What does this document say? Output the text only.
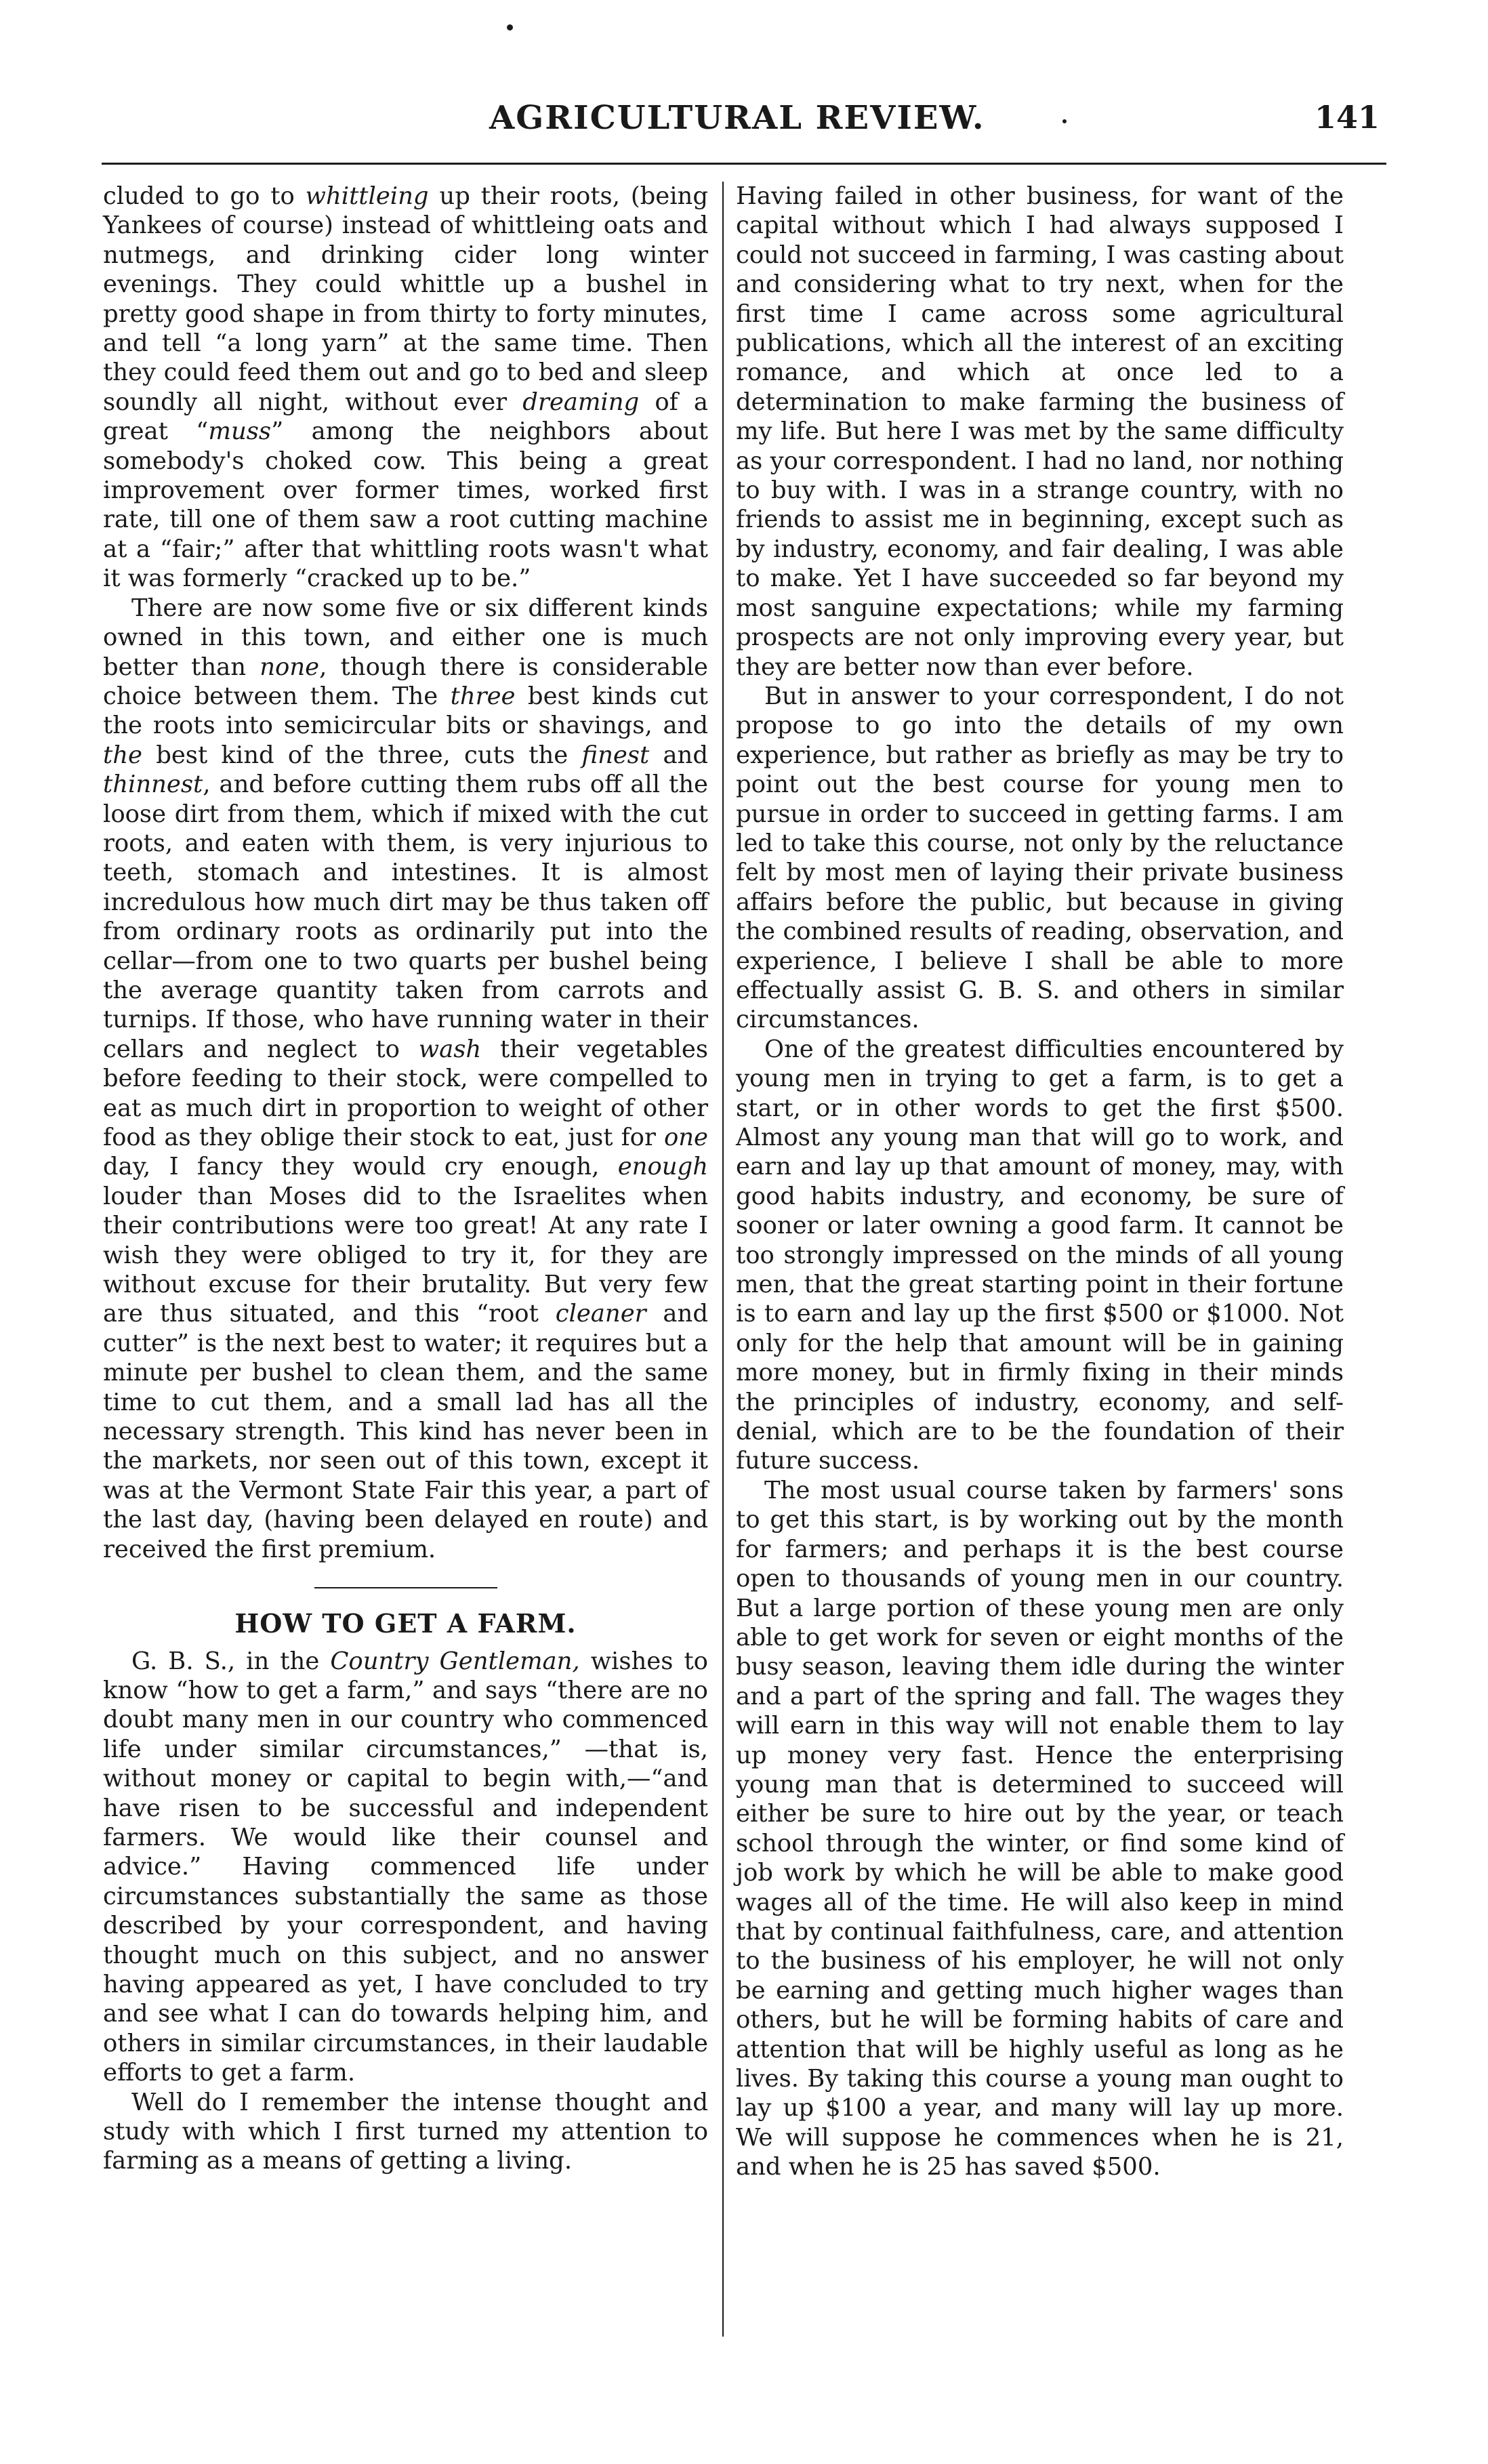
AGRICULTURAL REVIEW.	141

cluded to go to whittleing up their roots, (being Yankees of course) instead of whittleing oats and nutmegs, and drinking cider long winter evenings. They could whittle up a bushel in pretty good shape in from thirty to forty minutes, and tell “a long yarn” at the same time. Then they could feed them out and go to bed and sleep soundly all night, without ever dreaming of a great “muss” among the neighbors about somebody's choked cow. This being a great improvement over former times, worked first rate, till one of them saw a root cutting machine at a “fair;” after that whittling roots wasn't what it was formerly “cracked up to be.”

There are now some five or six different kinds owned in this town, and either one is much better than none, though there is considerable choice between them. The three best kinds cut the roots into semicircular bits or shavings, and the best kind of the three, cuts the finest and thinnest, and before cutting them rubs off all the loose dirt from them, which if mixed with the cut roots, and eaten with them, is very injurious to teeth, stomach and intestines. It is almost incredulous how much dirt may be thus taken off from ordinary roots as ordinarily put into the cellar—from one to two quarts per bushel being the average quantity taken from carrots and turnips. If those, who have running water in their cellars and neglect to wash their vegetables before feeding to their stock, were compelled to eat as much dirt in proportion to weight of other food as they oblige their stock to eat, just for one day, I fancy they would cry enough, enough louder than Moses did to the Israelites when their contributions were too great! At any rate I wish they were obliged to try it, for they are without excuse for their brutality. But very few are thus situated, and this “root cleaner and cutter” is the next best to water; it requires but a minute per bushel to clean them, and the same time to cut them, and a small lad has all the necessary strength. This kind has never been in the markets, nor seen out of this town, except it was at the Vermont State Fair this year, a part of the last day, (having been delayed en route) and received the first premium.

HOW TO GET A FARM.

G. B. S., in the Country Gentleman, wishes to know “how to get a farm,” and says “there are no doubt many men in our country who commenced life under similar circumstances,” —that is, without money or capital to begin with,—“and have risen to be successful and independent farmers. We would like their counsel and advice.” Having commenced life under circumstances substantially the same as those described by your correspondent, and having thought much on this subject, and no answer having appeared as yet, I have concluded to try and see what I can do towards helping him, and others in similar circumstances, in their laudable efforts to get a farm.

Well do I remember the intense thought and study with which I first turned my attention to farming as a means of getting a living.

Having failed in other business, for want of the capital without which I had always supposed I could not succeed in farming, I was casting about and considering what to try next, when for the first time I came across some agricultural publications, which all the interest of an exciting romance, and which at once led to a determination to make farming the business of my life. But here I was met by the same difficulty as your correspondent. I had no land, nor nothing to buy with. I was in a strange country, with no friends to assist me in beginning, except such as by industry, economy, and fair dealing, I was able to make. Yet I have succeeded so far beyond my most sanguine expectations; while my farming prospects are not only improving every year, but they are better now than ever before.

But in answer to your correspondent, I do not propose to go into the details of my own experience, but rather as briefly as may be try to point out the best course for young men to pursue in order to succeed in getting farms. I am led to take this course, not only by the reluctance felt by most men of laying their private business affairs before the public, but because in giving the combined results of reading, observation, and experience, I believe I shall be able to more effectually assist G. B. S. and others in similar circumstances.

One of the greatest difficulties encountered by young men in trying to get a farm, is to get a start, or in other words to get the first $500. Almost any young man that will go to work, and earn and lay up that amount of money, may, with good habits industry, and economy, be sure of sooner or later owning a good farm. It cannot be too strongly impressed on the minds of all young men, that the great starting point in their fortune is to earn and lay up the first $500 or $1000. Not only for the help that amount will be in gaining more money, but in firmly fixing in their minds the principles of industry, economy, and self-denial, which are to be the foundation of their future success.

The most usual course taken by farmers' sons to get this start, is by working out by the month for farmers; and perhaps it is the best course open to thousands of young men in our country. But a large portion of these young men are only able to get work for seven or eight months of the busy season, leaving them idle during the winter and a part of the spring and fall. The wages they will earn in this way will not enable them to lay up money very fast. Hence the enterprising young man that is determined to succeed will either be sure to hire out by the year, or teach school through the winter, or find some kind of job work by which he will be able to make good wages all of the time. He will also keep in mind that by continual faithfulness, care, and attention to the business of his employer, he will not only be earning and getting much higher wages than others, but he will be forming habits of care and attention that will be highly useful as long as he lives. By taking this course a young man ought to lay up $100 a year, and many will lay up more. We will suppose he commences when he is 21, and when he is 25 has saved $500.
